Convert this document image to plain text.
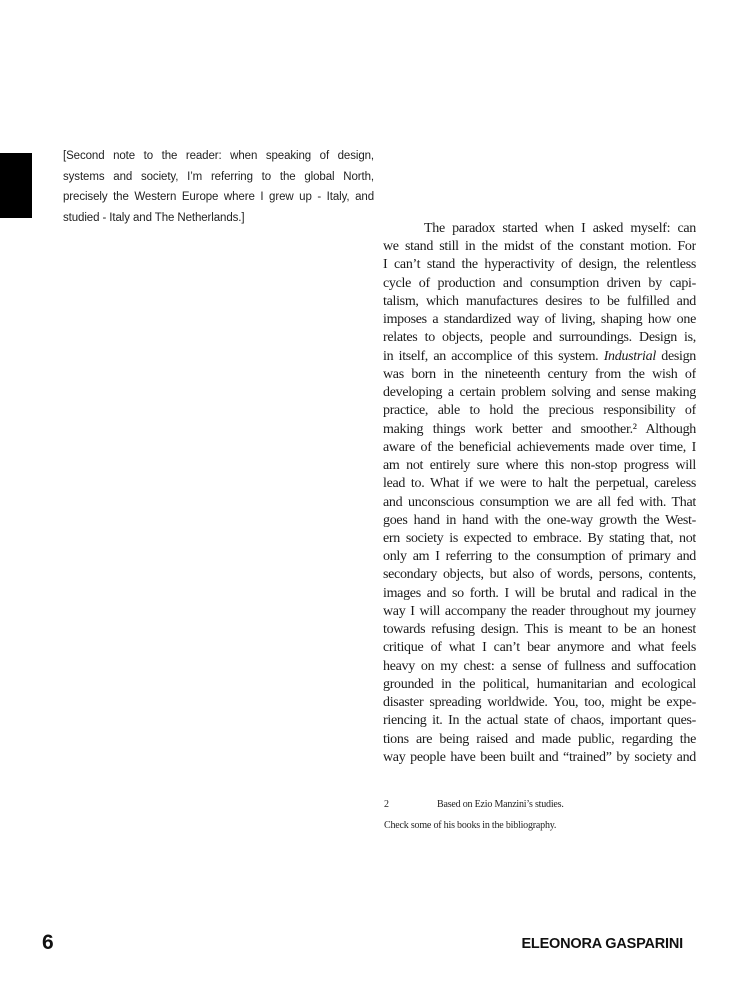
[Second note to the reader: when speaking of design,
systems and society, I’m referring to the global North,
precisely the Western Europe where I grew up - Italy, and
studied - Italy and The Netherlands.]
The paradox started when I asked myself: can
we stand still in the midst of the constant motion. For
I can’t stand the hyperactivity of design, the relentless
cycle of production and consumption driven by capi-
talism, which manufactures desires to be fulfilled and
imposes a standardized way of living, shaping how one
relates to objects, people and surroundings. Design is,
in itself, an accomplice of this system. Industrial design
was born in the nineteenth century from the wish of
developing a certain problem solving and sense making
practice, able to hold the precious responsibility of
making things work better and smoother.² Although
aware of the beneficial achievements made over time, I
am not entirely sure where this non-stop progress will
lead to. What if we were to halt the perpetual, careless
and unconscious consumption we are all fed with. That
goes hand in hand with the one-way growth the West-
ern society is expected to embrace. By stating that, not
only am I referring to the consumption of primary and
secondary objects, but also of words, persons, contents,
images and so forth. I will be brutal and radical in the
way I will accompany the reader throughout my journey
towards refusing design. This is meant to be an honest
critique of what I can’t bear anymore and what feels
heavy on my chest: a sense of fullness and suffocation
grounded in the political, humanitarian and ecological
disaster spreading worldwide. You, too, might be expe-
riencing it. In the actual state of chaos, important ques-
tions are being raised and made public, regarding the
way people have been built and “trained” by society and
2	Based on Ezio Manzini’s studies.
Check some of his books in the bibliography.
6	ELEONORA GASPARINI
